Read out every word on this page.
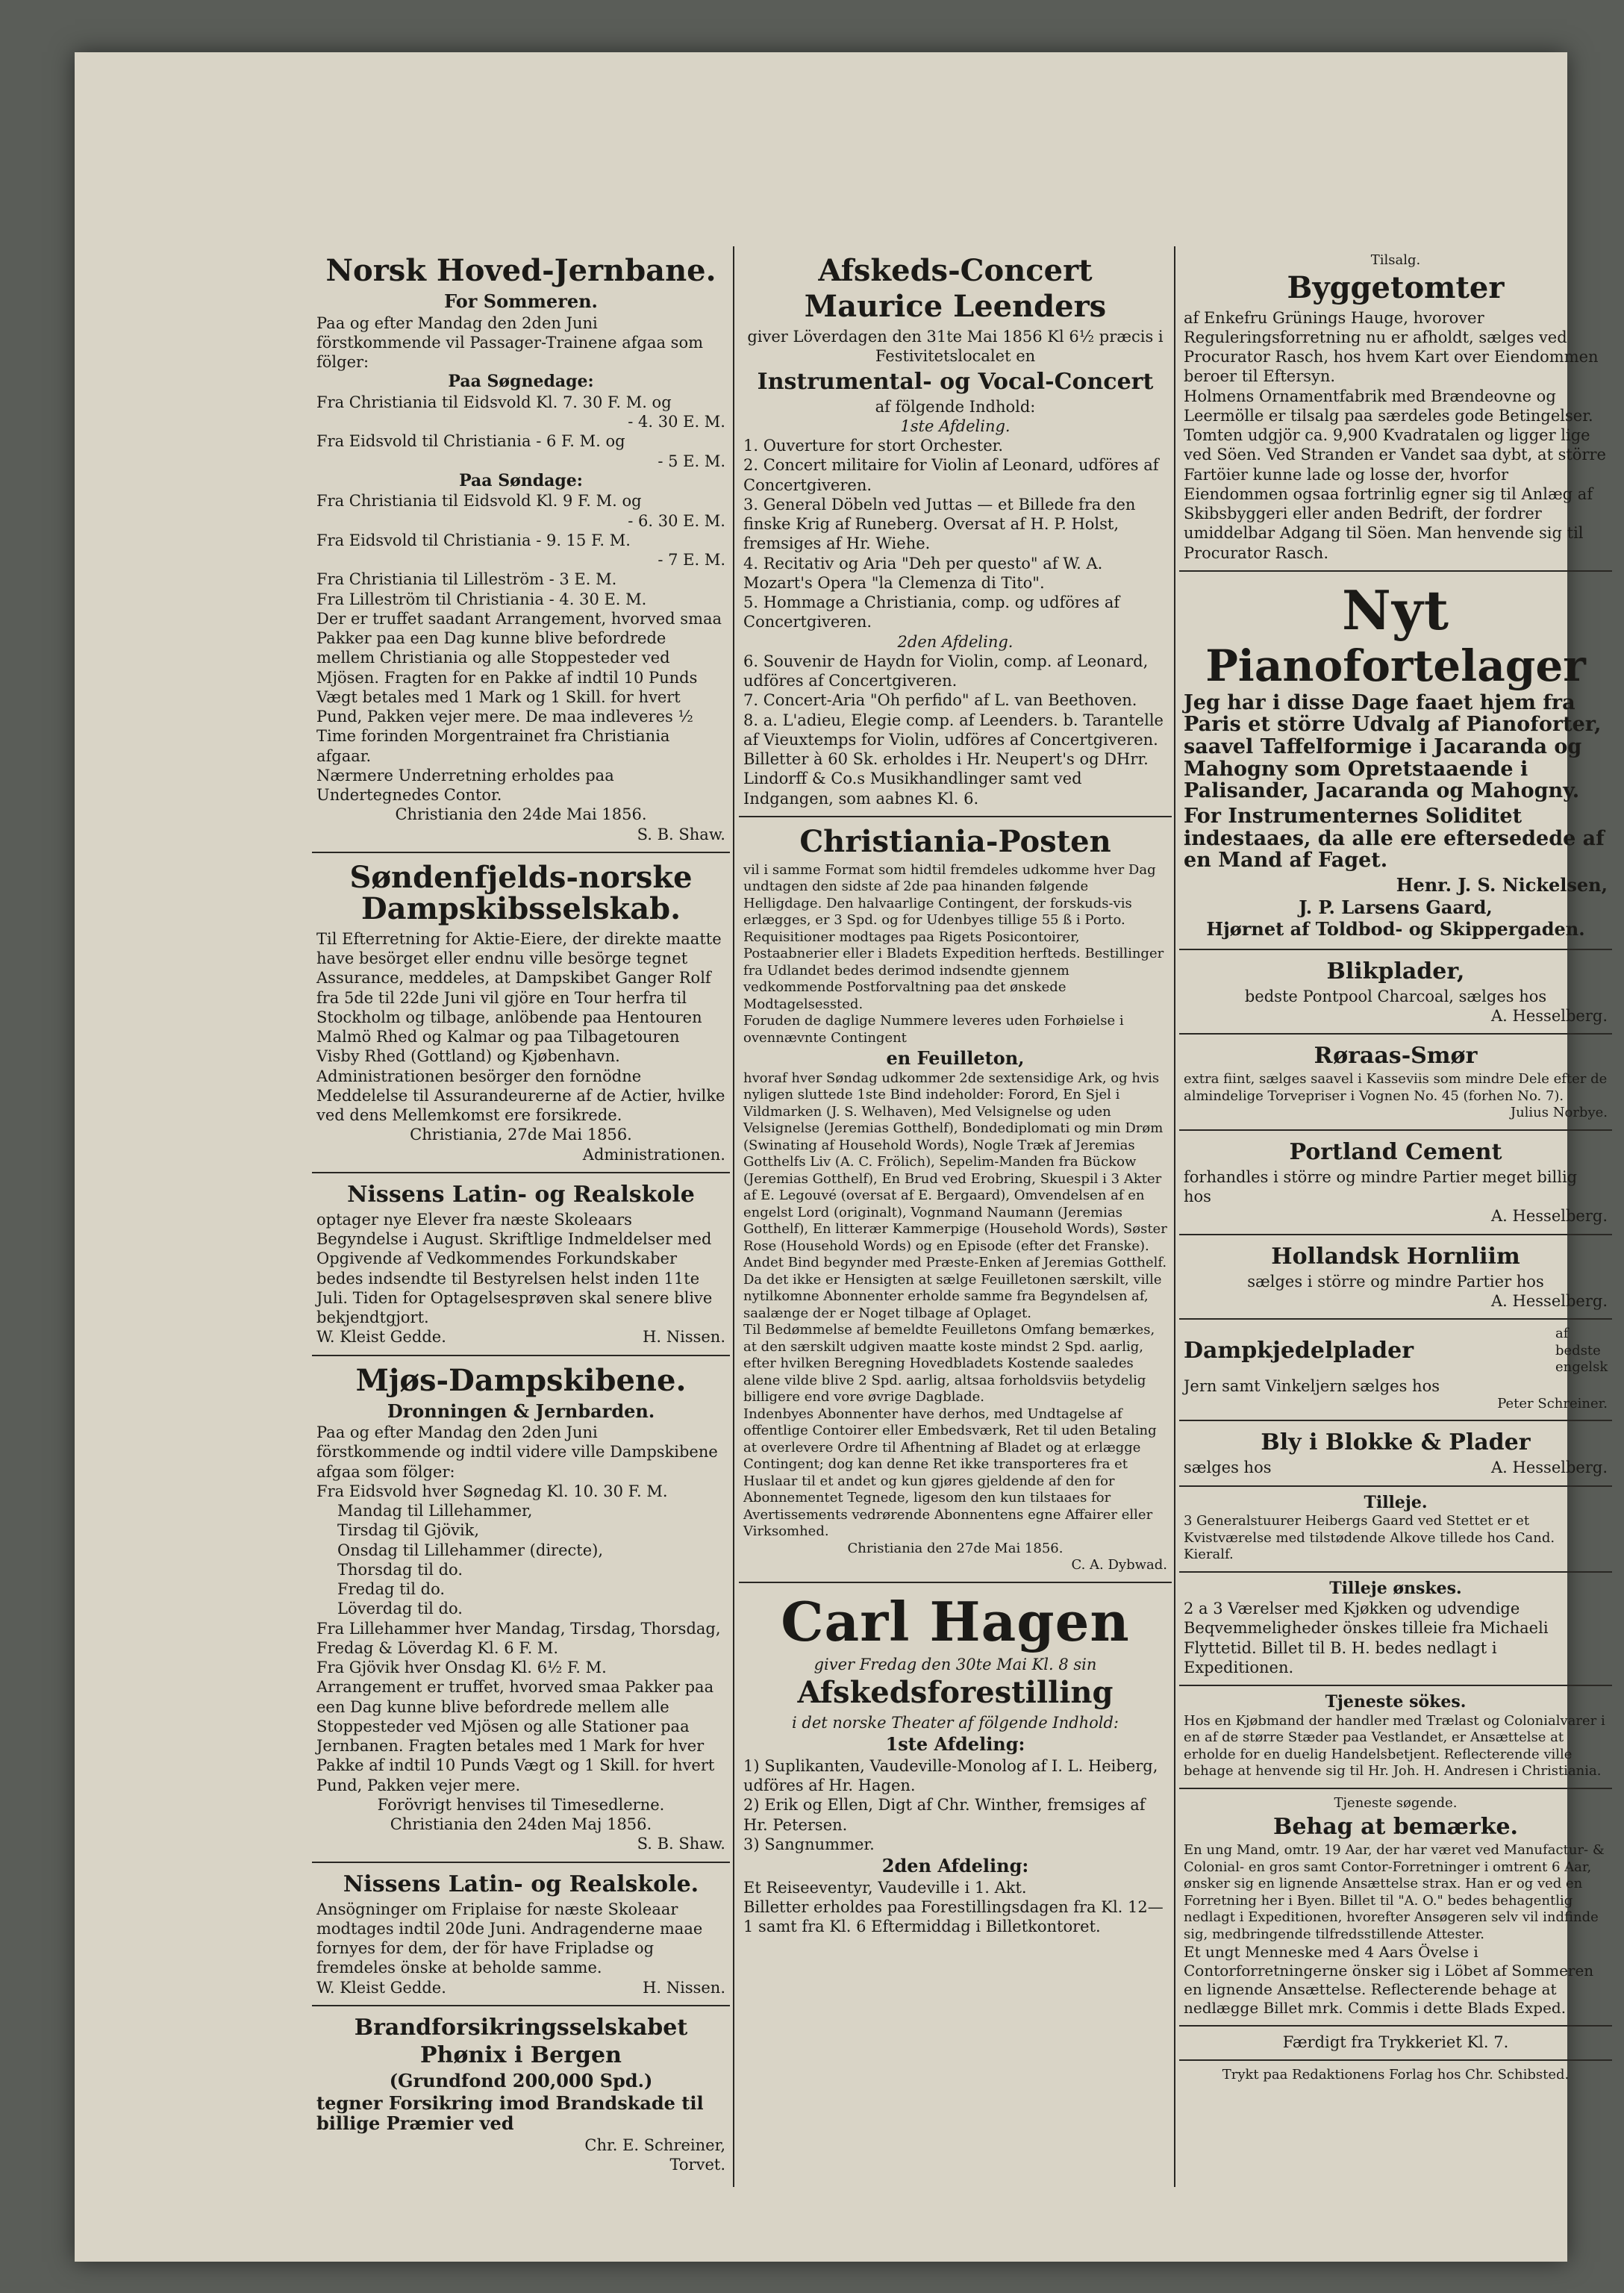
Norsk Hoved-Jernbane.
For Sommeren.

Paa og efter Mandag den 2den Juni förstkommende vil Passager-Trainene afgaa som fölger:

Paa Søgnedage:

Fra Christiania til Eidsvold Kl. 7. 30 F. M. og

- 4. 30 E. M.

Fra Eidsvold til Christiania - 6 F. M. og

- 5 E. M.

Paa Søndage:

Fra Christiania til Eidsvold Kl. 9 F. M. og

- 6. 30 E. M.

Fra Eidsvold til Christiania - 9. 15 F. M.

- 7 E. M.

Fra Christiania til Lilleström - 3 E. M.

Fra Lilleström til Christiania - 4. 30 E. M.

Der er truffet saadant Arrangement, hvorved smaa Pakker paa een Dag kunne blive befordrede mellem Christiania og alle Stoppesteder ved Mjösen. Fragten for en Pakke af indtil 10 Punds Vægt betales med 1 Mark og 1 Skill. for hvert Pund, Pakken vejer mere. De maa indleveres ½ Time forinden Morgentrainet fra Christiania afgaar.

Nærmere Underretning erholdes paa Undertegnedes Contor.

Christiania den 24de Mai 1856.

S. B. Shaw.

Søndenfjelds-norske Dampskibsselskab.

Til Efterretning for Aktie-Eiere, der direkte maatte have besörget eller endnu ville besörge tegnet Assurance, meddeles, at Dampskibet Ganger Rolf fra 5de til 22de Juni vil gjöre en Tour herfra til Stockholm og tilbage, anlöbende paa Hentouren Malmö Rhed og Kalmar og paa Tilbagetouren Visby Rhed (Gottland) og Kjøbenhavn. Administrationen besörger den fornödne Meddelelse til Assurandeurerne af de Actier, hvilke ved dens Mellemkomst ere forsikrede.

Christiania, 27de Mai 1856.

Administrationen.

Nissens Latin- og Realskole

optager nye Elever fra næste Skoleaars Begyndelse i August. Skriftlige Indmeldelser med Opgivende af Vedkommendes Forkundskaber bedes indsendte til Bestyrelsen helst inden 11te Juli. Tiden for Optagelsesprøven skal senere blive bekjendtgjort.

W. Kleist Gedde.	H. Nissen.
Mjøs-Dampskibene.
Dronningen & Jernbarden.

Paa og efter Mandag den 2den Juni förstkommende og indtil videre ville Dampskibene afgaa som fölger:

Fra Eidsvold hver Søgnedag Kl. 10. 30 F. M.

Mandag til Lillehammer,

Tirsdag til Gjövik,

Onsdag til Lillehammer (directe),

Thorsdag til do.

Fredag til do.

Löverdag til do.

Fra Lillehammer hver Mandag, Tirsdag, Thorsdag, Fredag & Löverdag Kl. 6 F. M.

Fra Gjövik hver Onsdag Kl. 6½ F. M.

Arrangement er truffet, hvorved smaa Pakker paa een Dag kunne blive befordrede mellem alle Stoppesteder ved Mjösen og alle Stationer paa Jernbanen. Fragten betales med 1 Mark for hver Pakke af indtil 10 Punds Vægt og 1 Skill. for hvert Pund, Pakken vejer mere.

Forövrigt henvises til Timesedlerne.

Christiania den 24den Maj 1856.

S. B. Shaw.

Nissens Latin- og Realskole.

Ansögninger om Friplaise for næste Skoleaar modtages indtil 20de Juni. Andragenderne maae fornyes for dem, der för have Fripladse og fremdeles önske at beholde samme.

W. Kleist Gedde.	H. Nissen.
Brandforsikringsselskabet
Phønix i Bergen
(Grundfond 200,000 Spd.)

tegner Forsikring imod Brandskade til billige Præmier ved

Chr. E. Schreiner,

Torvet.

Afskeds-Concert
Maurice Leenders

giver Löverdagen den 31te Mai 1856 Kl 6½ præcis i Festivitetslocalet en

Instrumental- og Vocal-Concert

af fölgende Indhold:

1ste Afdeling.

1. Ouverture for stort Orchester.

2. Concert militaire for Violin af Leonard, udföres af Concertgiveren.

3. General Döbeln ved Juttas — et Billede fra den finske Krig af Runeberg. Oversat af H. P. Holst, fremsiges af Hr. Wiehe.

4. Recitativ og Aria "Deh per questo" af W. A. Mozart's Opera "la Clemenza di Tito".

5. Hommage a Christiania, comp. og udföres af Concertgiveren.

2den Afdeling.

6. Souvenir de Haydn for Violin, comp. af Leonard, udföres af Concertgiveren.

7. Concert-Aria "Oh perfido" af L. van Beethoven.

8. a. L'adieu, Elegie comp. af Leenders. b. Tarantelle af Vieuxtemps for Violin, udföres af Concertgiveren.

Billetter à 60 Sk. erholdes i Hr. Neupert's og DHrr. Lindorff & Co.s Musikhandlinger samt ved Indgangen, som aabnes Kl. 6.

Christiania-Posten

vil i samme Format som hidtil fremdeles udkomme hver Dag undtagen den sidste af 2de paa hinanden følgende Helligdage. Den halvaarlige Contingent, der forskuds-vis erlægges, er 3 Spd. og for Udenbyes tillige 55 ß i Porto. Requisitioner modtages paa Rigets Posicontoirer, Postaabnerier eller i Bladets Expedition herfteds. Bestillinger fra Udlandet bedes derimod indsendte gjennem vedkommende Postforvaltning paa det ønskede Modtagelsessted.

Foruden de daglige Nummere leveres uden Forhøielse i ovennævnte Contingent

en Feuilleton,

hvoraf hver Søndag udkommer 2de sextensidige Ark, og hvis nyligen sluttede 1ste Bind indeholder: Forord, En Sjel i Vildmarken (J. S. Welhaven), Med Velsignelse og uden Velsignelse (Jeremias Gotthelf), Bondediplomati og min Drøm (Swinating af Household Words), Nogle Træk af Jeremias Gotthelfs Liv (A. C. Frölich), Sepelim-Manden fra Bückow (Jeremias Gotthelf), En Brud ved Erobring, Skuespil i 3 Akter af E. Legouvé (oversat af E. Bergaard), Omvendelsen af en engelst Lord (originalt), Vognmand Naumann (Jeremias Gotthelf), En litterær Kammerpige (Household Words), Søster Rose (Household Words) og en Episode (efter det Franske).

Andet Bind begynder med Præste-Enken af Jeremias Gotthelf.

Da det ikke er Hensigten at sælge Feuilletonen særskilt, ville nytilkomne Abonnenter erholde samme fra Begyndelsen af, saalænge der er Noget tilbage af Oplaget.

Til Bedømmelse af bemeldte Feuilletons Omfang bemærkes, at den særskilt udgiven maatte koste mindst 2 Spd. aarlig, efter hvilken Beregning Hovedbladets Kostende saaledes alene vilde blive 2 Spd. aarlig, altsaa forholdsviis betydelig billigere end vore øvrige Dagblade.

Indenbyes Abonnenter have derhos, med Undtagelse af offentlige Contoirer eller Embedsværk, Ret til uden Betaling at overlevere Ordre til Afhentning af Bladet og at erlægge Contingent; dog kan denne Ret ikke transporteres fra et Huslaar til et andet og kun gjøres gjeldende af den for Abonnementet Tegnede, ligesom den kun tilstaaes for Avertissements vedrørende Abonnentens egne Affairer eller Virksomhed.

Christiania den 27de Mai 1856.

C. A. Dybwad.

Carl Hagen

giver Fredag den 30te Mai Kl. 8 sin

Afskedsforestilling

i det norske Theater af fölgende Indhold:

1ste Afdeling:

1) Suplikanten, Vaudeville-Monolog af I. L. Heiberg, udföres af Hr. Hagen.

2) Erik og Ellen, Digt af Chr. Winther, fremsiges af Hr. Petersen.

3) Sangnummer.

2den Afdeling:

Et Reiseeventyr, Vaudeville i 1. Akt.

Billetter erholdes paa Forestillingsdagen fra Kl. 12—1 samt fra Kl. 6 Eftermiddag i Billetkontoret.

Tilsalg.

Byggetomter

af Enkefru Grünings Hauge, hvorover Reguleringsforretning nu er afholdt, sælges ved Procurator Rasch, hos hvem Kart over Eiendommen beroer til Eftersyn.

Holmens Ornamentfabrik med Brændeovne og Leermölle er tilsalg paa særdeles gode Betingelser. Tomten udgjör ca. 9,900 Kvadratalen og ligger lige ved Söen. Ved Stranden er Vandet saa dybt, at större Fartöier kunne lade og losse der, hvorfor Eiendommen ogsaa fortrinlig egner sig til Anlæg af Skibsbyggeri eller anden Bedrift, der fordrer umiddelbar Adgang til Söen. Man henvende sig til Procurator Rasch.

Nyt
Pianofortelager

Jeg har i disse Dage faaet hjem fra Paris et större Udvalg af Pianoforter, saavel Taffelformige i Jacaranda og Mahogny som Opretstaaende i Palisander, Jacaranda og Mahogny.

For Instrumenternes Soliditet indestaaes, da alle ere eftersedede af en Mand af Faget.

Henr. J. S. Nickelsen,

J. P. Larsens Gaard,

Hjørnet af Toldbod- og Skippergaden.

Blikplader,

bedste Pontpool Charcoal, sælges hos

A. Hesselberg.

Røraas-Smør

extra fiint, sælges saavel i Kasseviis som mindre Dele efter de almindelige Torvepriser i Vognen No. 45 (forhen No. 7).

Julius Norbye.

Portland Cement

forhandles i större og mindre Partier meget billig hos

A. Hesselberg.

Hollandsk Hornliim

sælges i större og mindre Partier hos

A. Hesselberg.

Dampkjedelplader
af bedste engelsk

Jern samt Vinkeljern sælges hos

Peter Schreiner.

Bly i Blokke & Plader
sælges hos	A. Hesselberg.

Tilleje.

3 Generalstuurer Heibergs Gaard ved Stettet er et Kvistværelse med tilstødende Alkove tillede hos Cand. Kieralf.

Tilleje ønskes.

2 a 3 Værelser med Kjøkken og udvendige Beqvemmeligheder önskes tilleie fra Michaeli Flyttetid. Billet til B. H. bedes nedlagt i Expeditionen.

Tjeneste sökes.

Hos en Kjøbmand der handler med Trælast og Colonialvarer i en af de større Stæder paa Vestlandet, er Ansættelse at erholde for en duelig Handelsbetjent. Reflecterende ville behage at henvende sig til Hr. Joh. H. Andresen i Christiania.

Tjeneste søgende.

Behag at bemærke.

En ung Mand, omtr. 19 Aar, der har været ved Manufactur- & Colonial- en gros samt Contor-Forretninger i omtrent 6 Aar, ønsker sig en lignende Ansættelse strax. Han er og ved en Forretning her i Byen. Billet til "A. O." bedes behagentlig nedlagt i Expeditionen, hvorefter Ansøgeren selv vil indfinde sig, medbringende tilfredsstillende Attester.

Et ungt Menneske med 4 Aars Övelse i Contorforretningerne önsker sig i Löbet af Sommeren en lignende Ansættelse. Reflecterende behage at nedlægge Billet mrk. Commis i dette Blads Exped.

Færdigt fra Trykkeriet Kl. 7.

Trykt paa Redaktionens Forlag hos Chr. Schibsted.
